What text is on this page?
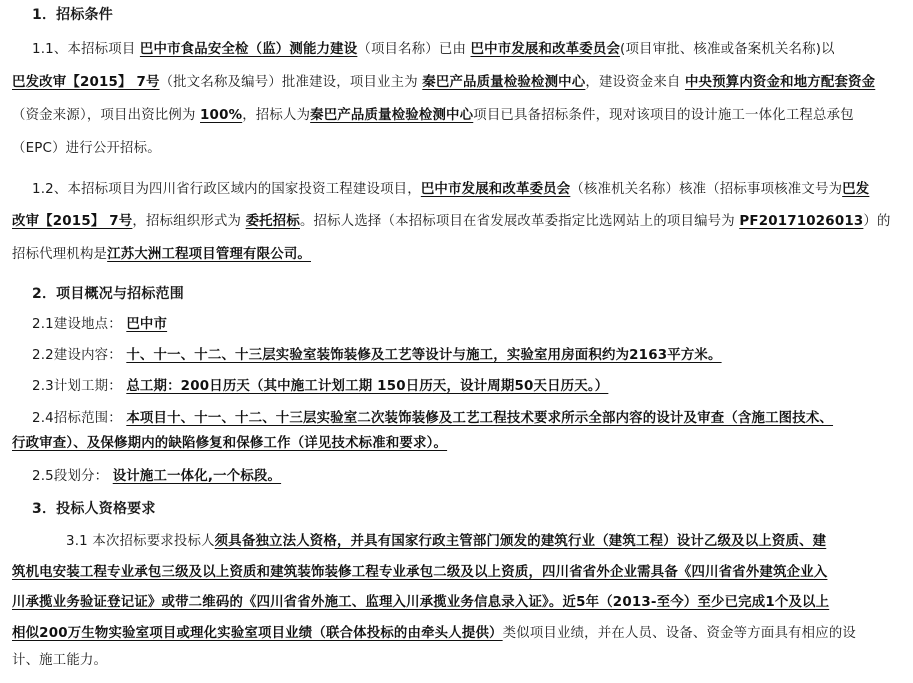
1．招标条件
1.1、本招标项目 巴中市食品安全检（监）测能力建设（项目名称）已由 巴中市发展和改革委员会(项目审批、核准或备案机关名称)以
巴发改审【2015】 7号（批文名称及编号）批准建设，项目业主为 秦巴产品质量检验检测中心，建设资金来自 中央预算内资金和地方配套资金
（资金来源），项目出资比例为 100%，招标人为秦巴产品质量检验检测中心项目已具备招标条件，现对该项目的设计施工一体化工程总承包
（EPC）进行公开招标。
1.2、本招标项目为四川省行政区域内的国家投资工程建设项目，巴中市发展和改革委员会（核准机关名称）核准（招标事项核准文号为巴发
改审【2015】 7号，招标组织形式为 委托招标。招标人选择（本招标项目在省发展改革委指定比选网站上的项目编号为 PF20171026013）的
招标代理机构是江苏大洲工程项目管理有限公司。
2．项目概况与招标范围
2.1建设地点： 巴中市
2.2建设内容： 十、十一、十二、十三层实验室装饰装修及工艺等设计与施工，实验室用房面积约为2163平方米。
2.3计划工期： 总工期：200日历天（其中施工计划工期 150日历天，设计周期50天日历天。）
2.4招标范围： 本项目十、十一、十二、十三层实验室二次装饰装修及工艺工程技术要求所示全部内容的设计及审查（含施工图技术、
行政审查）、及保修期内的缺陷修复和保修工作（详见技术标准和要求）。
2.5段划分： 设计施工一体化,一个标段。
3．投标人资格要求
3.1 本次招标要求投标人须具备独立法人资格，并具有国家行政主管部门颁发的建筑行业（建筑工程）设计乙级及以上资质、建
筑机电安装工程专业承包三级及以上资质和建筑装饰装修工程专业承包二级及以上资质，四川省省外企业需具备《四川省省外建筑企业入
川承揽业务验证登记证》或带二维码的《四川省省外施工、监理入川承揽业务信息录入证》。近5年（2013-至今）至少已完成1个及以上
相似200万生物实验室项目或理化实验室项目业绩（联合体投标的由牵头人提供）类似项目业绩，并在人员、设备、资金等方面具有相应的设
计、施工能力。
